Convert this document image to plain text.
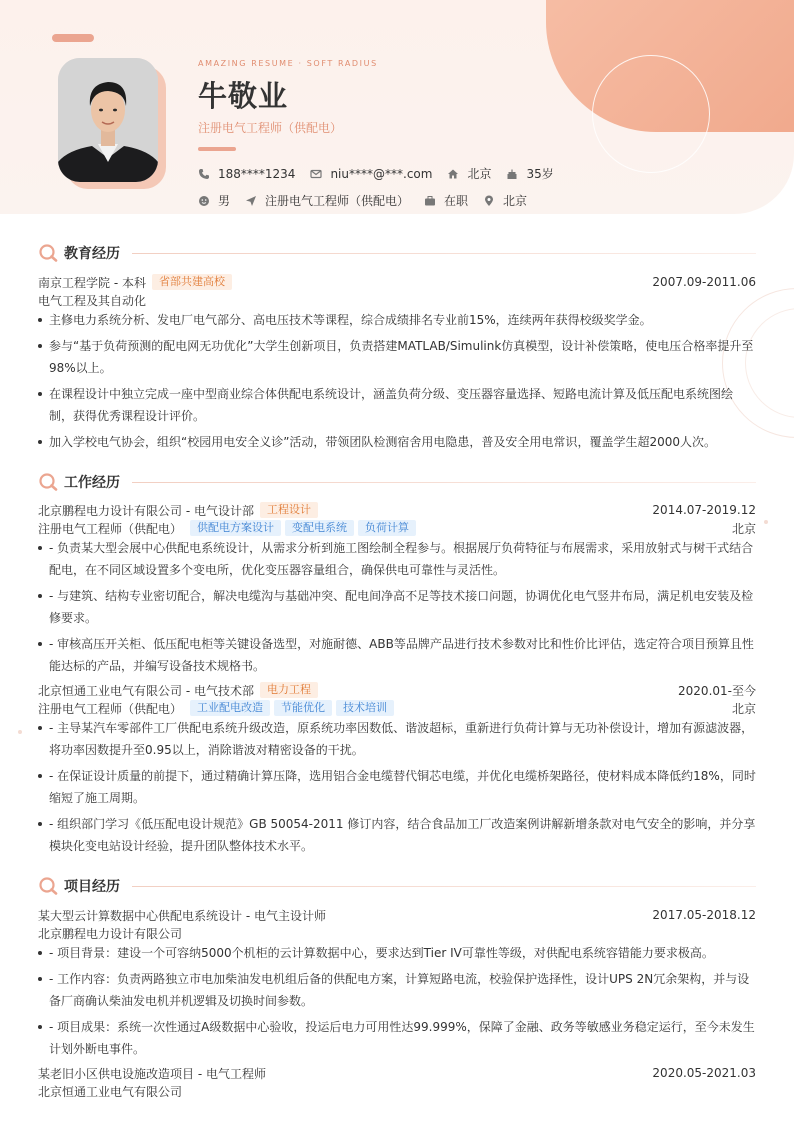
AMAZING RESUME · SOFT RADIUS
牛敬业
注册电气工程师（供配电）
188****1234	niu****@***.com	北京	35岁
男	注册电气工程师（供配电）	在职	北京
教育经历
南京工程学院 - 本科	省部共建高校	2007.09-2011.06
电气工程及其自动化
主修电力系统分析、发电厂电气部分、高电压技术等课程，综合成绩排名专业前15%，连续两年获得校级奖学金。
参与“基于负荷预测的配电网无功优化”大学生创新项目，负责搭建MATLAB/Simulink仿真模型，设计补偿策略，使电压合格率提升至98%以上。
在课程设计中独立完成一座中型商业综合体供配电系统设计，涵盖负荷分级、变压器容量选择、短路电流计算及低压配电系统图绘制，获得优秀课程设计评价。
加入学校电气协会，组织“校园用电安全义诊”活动，带领团队检测宿舍用电隐患，普及安全用电常识，覆盖学生超2000人次。
工作经历
北京鹏程电力设计有限公司 - 电气设计部	工程设计	2014.07-2019.12
注册电气工程师（供配电）	供配电方案设计	变配电系统	负荷计算	北京
- 负责某大型会展中心供配电系统设计，从需求分析到施工图绘制全程参与。根据展厅负荷特征与布展需求，采用放射式与树干式结合配电，在不同区域设置多个变电所，优化变压器容量组合，确保供电可靠性与灵活性。
- 与建筑、结构专业密切配合，解决电缆沟与基础冲突、配电间净高不足等技术接口问题，协调优化电气竖井布局，满足机电安装及检修要求。
- 审核高压开关柜、低压配电柜等关键设备选型，对施耐德、ABB等品牌产品进行技术参数对比和性价比评估，选定符合项目预算且性能达标的产品，并编写设备技术规格书。
北京恒通工业电气有限公司 - 电气技术部	电力工程	2020.01-至今
注册电气工程师（供配电）	工业配电改造	节能优化	技术培训	北京
- 主导某汽车零部件工厂供配电系统升级改造，原系统功率因数低、谐波超标，重新进行负荷计算与无功补偿设计，增加有源滤波器，将功率因数提升至0.95以上，消除谐波对精密设备的干扰。
- 在保证设计质量的前提下，通过精确计算压降，选用铝合金电缆替代铜芯电缆，并优化电缆桥架路径，使材料成本降低约18%，同时缩短了施工周期。
- 组织部门学习《低压配电设计规范》GB 50054-2011 修订内容，结合食品加工厂改造案例讲解新增条款对电气安全的影响，并分享模块化变电站设计经验，提升团队整体技术水平。
项目经历
某大型云计算数据中心供配电系统设计 - 电气主设计师	2017.05-2018.12
北京鹏程电力设计有限公司
- 项目背景：建设一个可容纳5000个机柜的云计算数据中心，要求达到Tier IV可靠性等级，对供配电系统容错能力要求极高。
- 工作内容：负责两路独立市电加柴油发电机组后备的供配电方案，计算短路电流，校验保护选择性，设计UPS 2N冗余架构，并与设备厂商确认柴油发电机并机逻辑及切换时间参数。
- 项目成果：系统一次性通过A级数据中心验收，投运后电力可用性达99.999%，保障了金融、政务等敏感业务稳定运行，至今未发生计划外断电事件。
某老旧小区供电设施改造项目 - 电气工程师	2020.05-2021.03
北京恒通工业电气有限公司
